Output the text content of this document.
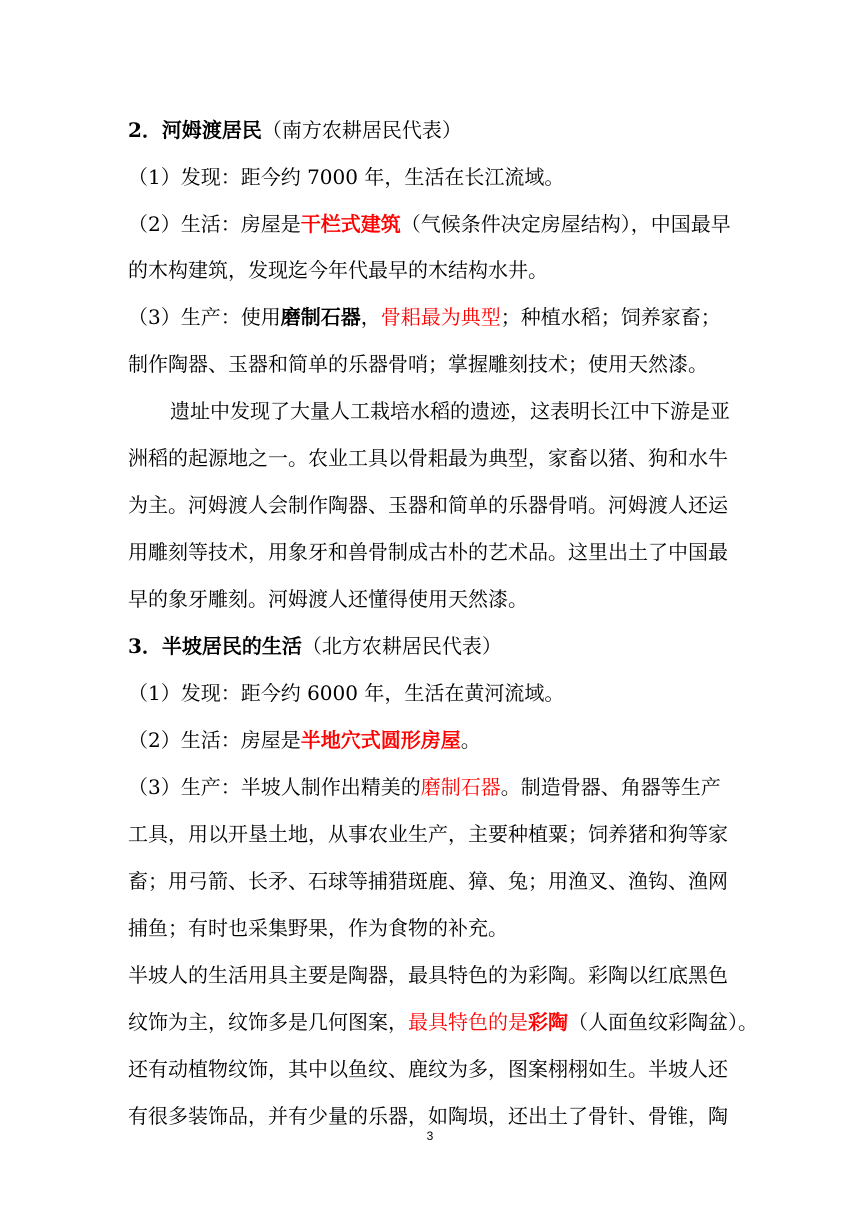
2．河姆渡居民（南方农耕居民代表）
（1）发现：距今约 7000 年，生活在长江流域。
（2）生活：房屋是干栏式建筑（气候条件决定房屋结构），中国最早
的木构建筑，发现迄今年代最早的木结构水井。
（3）生产：使用磨制石器，骨耜最为典型；种植水稻；饲养家畜；
制作陶器、玉器和简单的乐器骨哨；掌握雕刻技术；使用天然漆。
遗址中发现了大量人工栽培水稻的遗迹，这表明长江中下游是亚
洲稻的起源地之一。农业工具以骨耜最为典型，家畜以猪、狗和水牛
为主。河姆渡人会制作陶器、玉器和简单的乐器骨哨。河姆渡人还运
用雕刻等技术，用象牙和兽骨制成古朴的艺术品。这里出土了中国最
早的象牙雕刻。河姆渡人还懂得使用天然漆。
3．半坡居民的生活（北方农耕居民代表）
（1）发现：距今约 6000 年，生活在黄河流域。
（2）生活：房屋是半地穴式圆形房屋。
（3）生产：半坡人制作出精美的磨制石器。制造骨器、角器等生产
工具，用以开垦土地，从事农业生产，主要种植粟；饲养猪和狗等家
畜；用弓箭、长矛、石球等捕猎斑鹿、獐、兔；用渔叉、渔钩、渔网
捕鱼；有时也采集野果，作为食物的补充。
半坡人的生活用具主要是陶器，最具特色的为彩陶。彩陶以红底黑色
纹饰为主，纹饰多是几何图案，最具特色的是彩陶（人面鱼纹彩陶盆）。
还有动植物纹饰，其中以鱼纹、鹿纹为多，图案栩栩如生。半坡人还
有很多装饰品，并有少量的乐器，如陶埙，还出土了骨针、骨锥，陶
3
